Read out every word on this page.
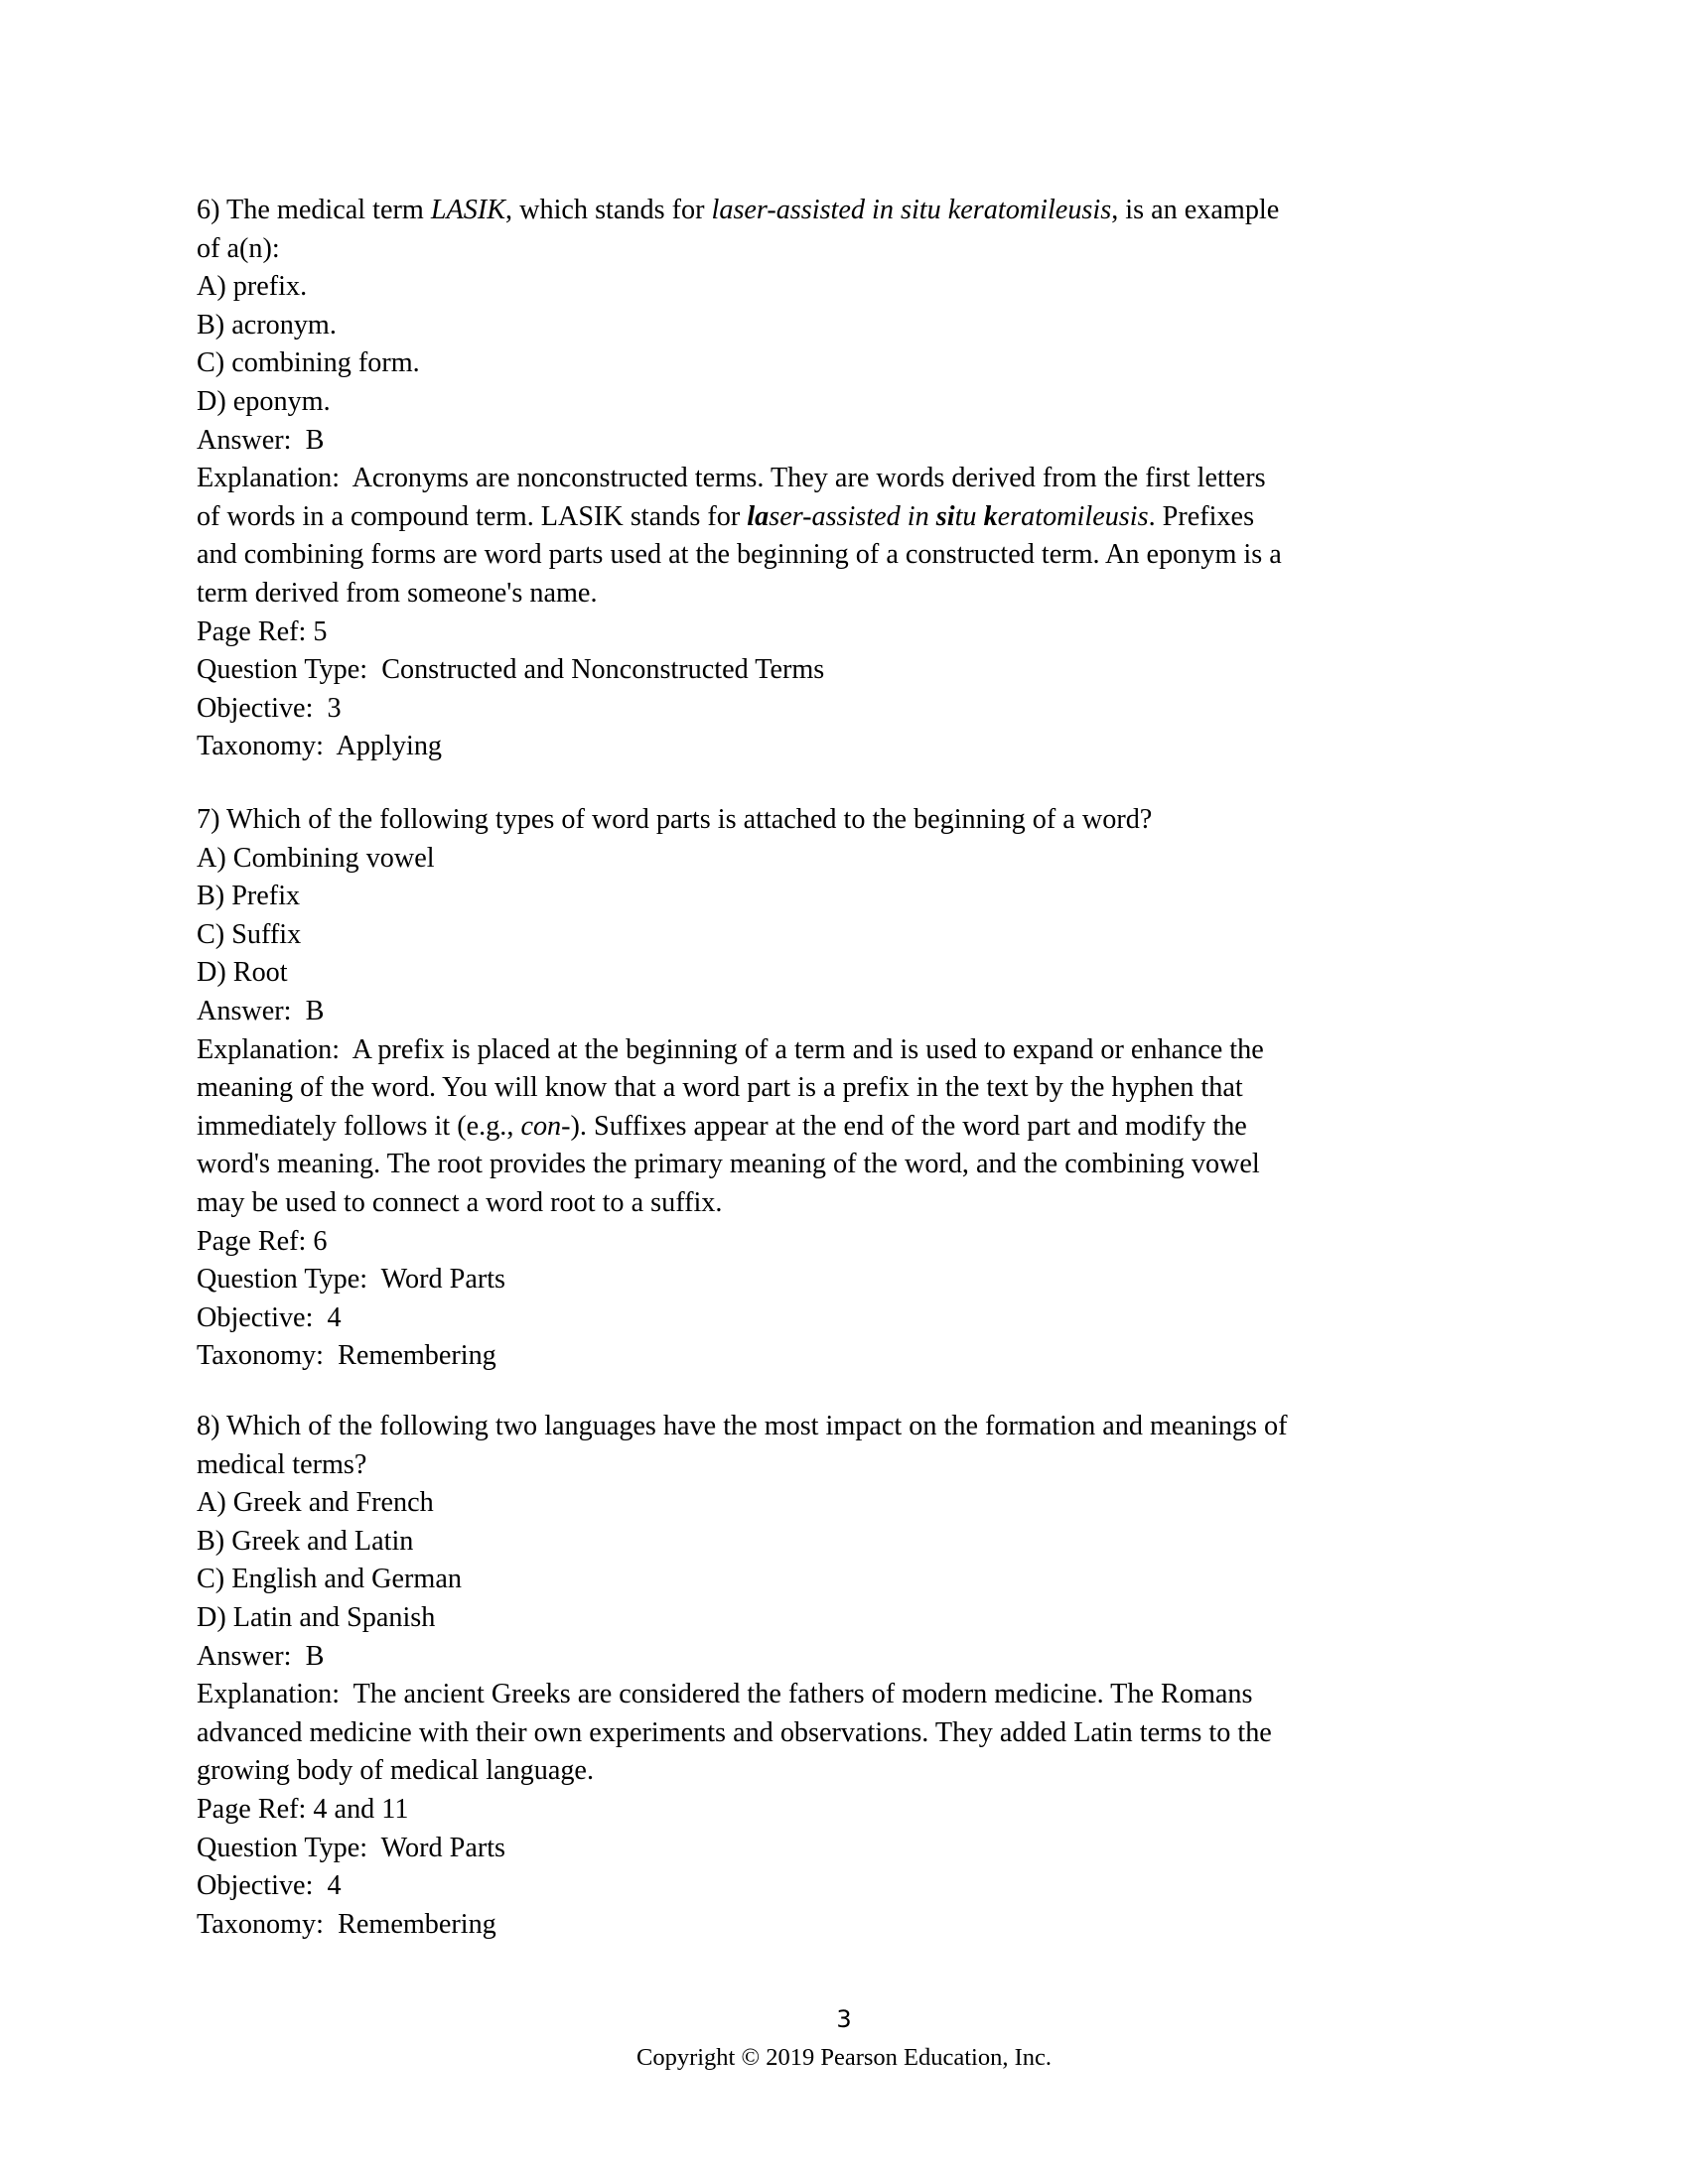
6) The medical term LASIK, which stands for laser-assisted in situ keratomileusis, is an example
of a(n):
A) prefix.
B) acronym.
C) combining form.
D) eponym.
Answer:  B
Explanation:  Acronyms are nonconstructed terms. They are words derived from the first letters
of words in a compound term. LASIK stands for laser-assisted in situ keratomileusis. Prefixes
and combining forms are word parts used at the beginning of a constructed term. An eponym is a
term derived from someone's name.
Page Ref: 5
Question Type:  Constructed and Nonconstructed Terms
Objective:  3
Taxonomy:  Applying
7) Which of the following types of word parts is attached to the beginning of a word?
A) Combining vowel
B) Prefix
C) Suffix
D) Root
Answer:  B
Explanation:  A prefix is placed at the beginning of a term and is used to expand or enhance the
meaning of the word. You will know that a word part is a prefix in the text by the hyphen that
immediately follows it (e.g., con-). Suffixes appear at the end of the word part and modify the
word's meaning. The root provides the primary meaning of the word, and the combining vowel
may be used to connect a word root to a suffix.
Page Ref: 6
Question Type:  Word Parts
Objective:  4
Taxonomy:  Remembering
8) Which of the following two languages have the most impact on the formation and meanings of
medical terms?
A) Greek and French
B) Greek and Latin
C) English and German
D) Latin and Spanish
Answer:  B
Explanation:  The ancient Greeks are considered the fathers of modern medicine. The Romans
advanced medicine with their own experiments and observations. They added Latin terms to the
growing body of medical language.
Page Ref: 4 and 11
Question Type:  Word Parts
Objective:  4
Taxonomy:  Remembering
3
Copyright © 2019 Pearson Education, Inc.
